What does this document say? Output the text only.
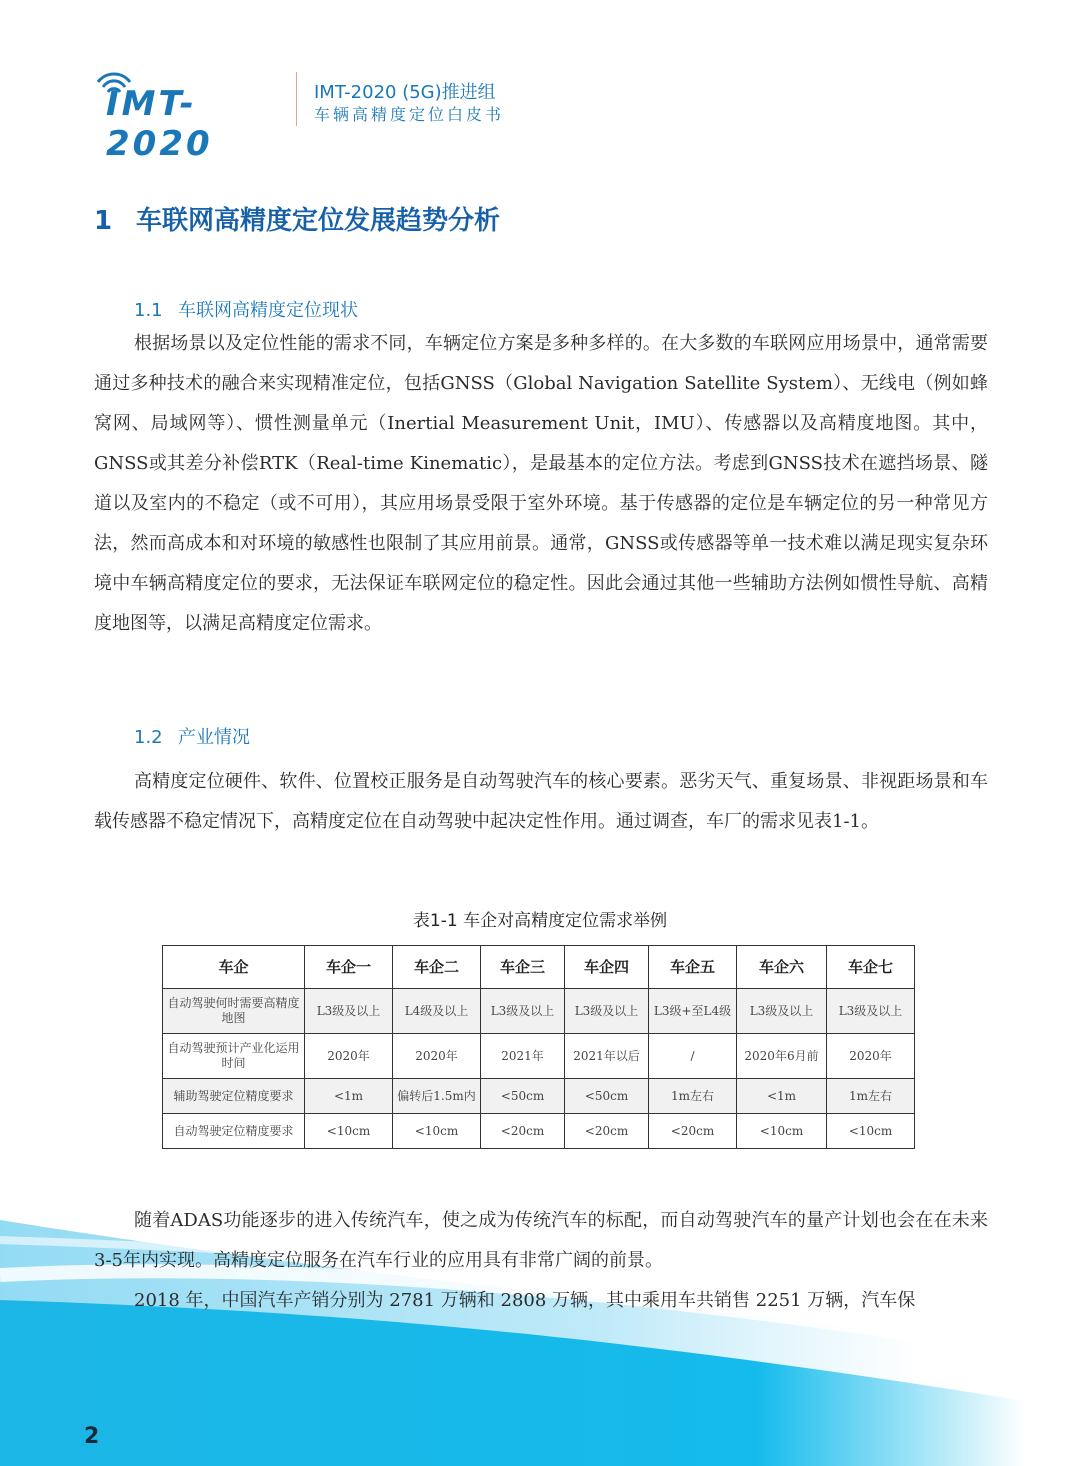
IMT-2020
IMT-2020 (5G)推进组
车辆高精度定位白皮书
1 车联网高精度定位发展趋势分析
1.1 车联网高精度定位现状

根据场景以及定位性能的需求不同，车辆定位方案是多种多样的。在大多数的车联网应用场景中，通常需要通过多种技术的融合来实现精准定位，包括GNSS（Global Navigation Satellite System）、无线电（例如蜂窝网、局域网等）、惯性测量单元（Inertial Measurement Unit，IMU）、传感器以及高精度地图。其中，GNSS或其差分补偿RTK（Real-time Kinematic），是最基本的定位方法。考虑到GNSS技术在遮挡场景、隧道以及室内的不稳定（或不可用），其应用场景受限于室外环境。基于传感器的定位是车辆定位的另一种常见方法，然而高成本和对环境的敏感性也限制了其应用前景。通常，GNSS或传感器等单一技术难以满足现实复杂环境中车辆高精度定位的要求，无法保证车联网定位的稳定性。因此会通过其他一些辅助方法例如惯性导航、高精度地图等，以满足高精度定位需求。

1.2 产业情况

高精度定位硬件、软件、位置校正服务是自动驾驶汽车的核心要素。恶劣天气、重复场景、非视距场景和车载传感器不稳定情况下，高精度定位在自动驾驶中起决定性作用。通过调查，车厂的需求见表1-1。

表1-1 车企对高精度定位需求举例
车企	车企一	车企二	车企三	车企四	车企五	车企六	车企七
自动驾驶何时需要高精度地图	L3级及以上	L4级及以上	L3级及以上	L3级及以上	L3级+至L4级	L3级及以上	L3级及以上
自动驾驶预计产业化运用时间	2020年	2020年	2021年	2021年以后	/	2020年6月前	2020年
辅助驾驶定位精度要求	<1m	偏转后1.5m内	<50cm	<50cm	1m左右	<1m	1m左右
自动驾驶定位精度要求	<10cm	<10cm	<20cm	<20cm	<20cm	<10cm	<10cm

随着ADAS功能逐步的进入传统汽车，使之成为传统汽车的标配，而自动驾驶汽车的量产计划也会在在未来3-5年内实现。高精度定位服务在汽车行业的应用具有非常广阔的前景。

2018 年，中国汽车产销分别为 2781 万辆和 2808 万辆，其中乘用车共销售 2251 万辆，汽车保

2
